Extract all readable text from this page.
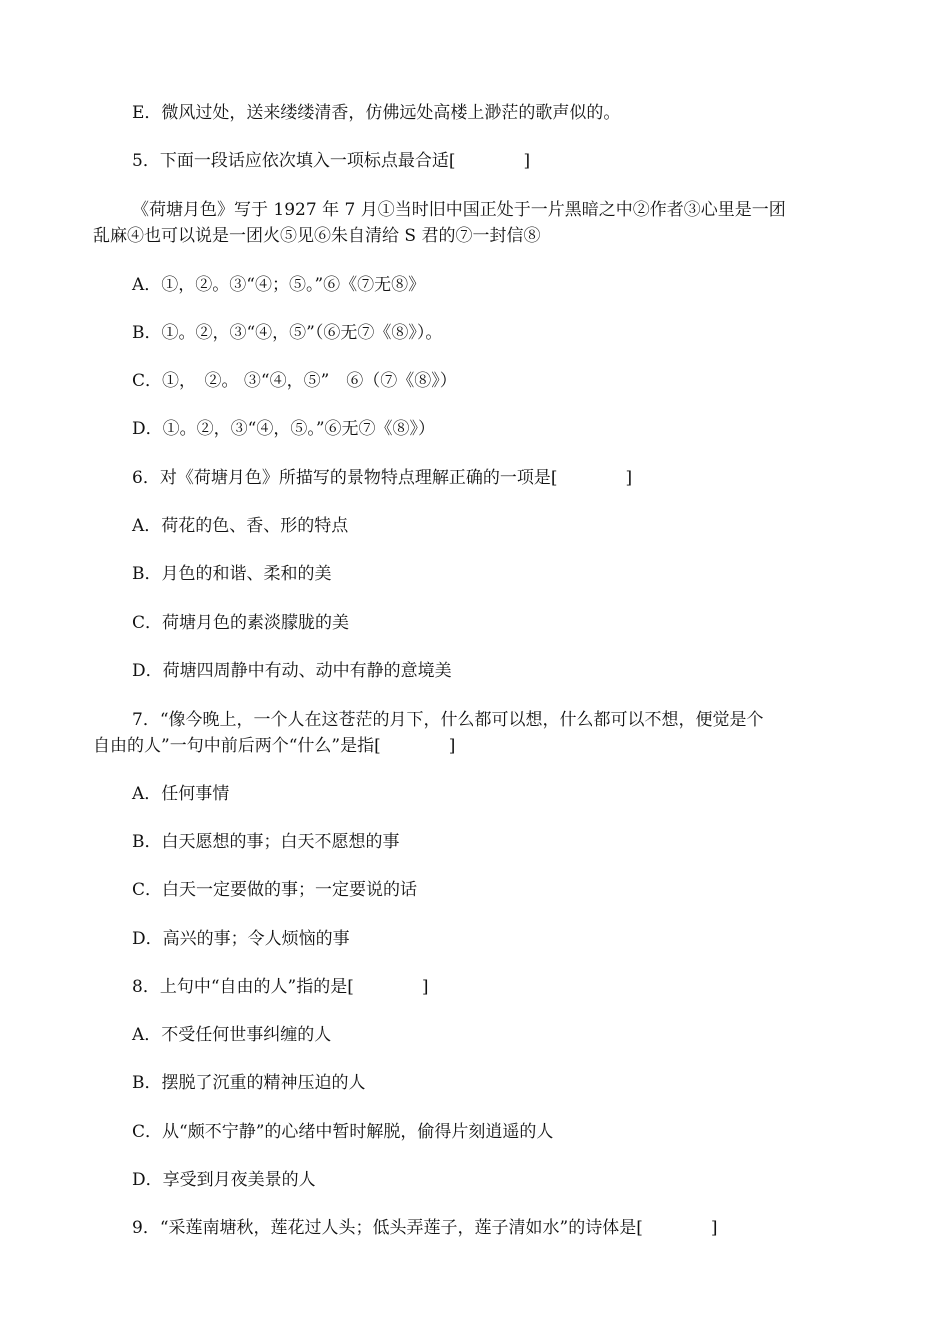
E．微风过处，送来缕缕清香，仿佛远处高楼上渺茫的歌声似的。
5．下面一段话应依次填入一项标点最合适[　　　　]
《荷塘月色》写于 1927 年 7 月①当时旧中国正处于一片黑暗之中②作者③心里是一团
乱麻④也可以说是一团火⑤见⑥朱自清给 S 君的⑦一封信⑧
A．①，②。③“④；⑤。”⑥《⑦无⑧》
B．①。②，③“④，⑤”（⑥无⑦《⑧》）。
C．①，　②。 ③“④，⑤”　⑥（⑦《⑧》）
D．①。②，③“④，⑤。”⑥无⑦《⑧》）
6．对《荷塘月色》所描写的景物特点理解正确的一项是[　　　　]
A．荷花的色、香、形的特点
B．月色的和谐、柔和的美
C．荷塘月色的素淡朦胧的美
D．荷塘四周静中有动、动中有静的意境美
7．“像今晚上，一个人在这苍茫的月下，什么都可以想，什么都可以不想，便觉是个
自由的人”一句中前后两个“什么”是指[　　　　]
A．任何事情
B．白天愿想的事；白天不愿想的事
C．白天一定要做的事；一定要说的话
D．高兴的事；令人烦恼的事
8．上句中“自由的人”指的是[　　　　]
A．不受任何世事纠缠的人
B．摆脱了沉重的精神压迫的人
C．从“颇不宁静”的心绪中暂时解脱，偷得片刻逍遥的人
D．享受到月夜美景的人
9．“采莲南塘秋，莲花过人头；低头弄莲子，莲子清如水”的诗体是[　　　　]
